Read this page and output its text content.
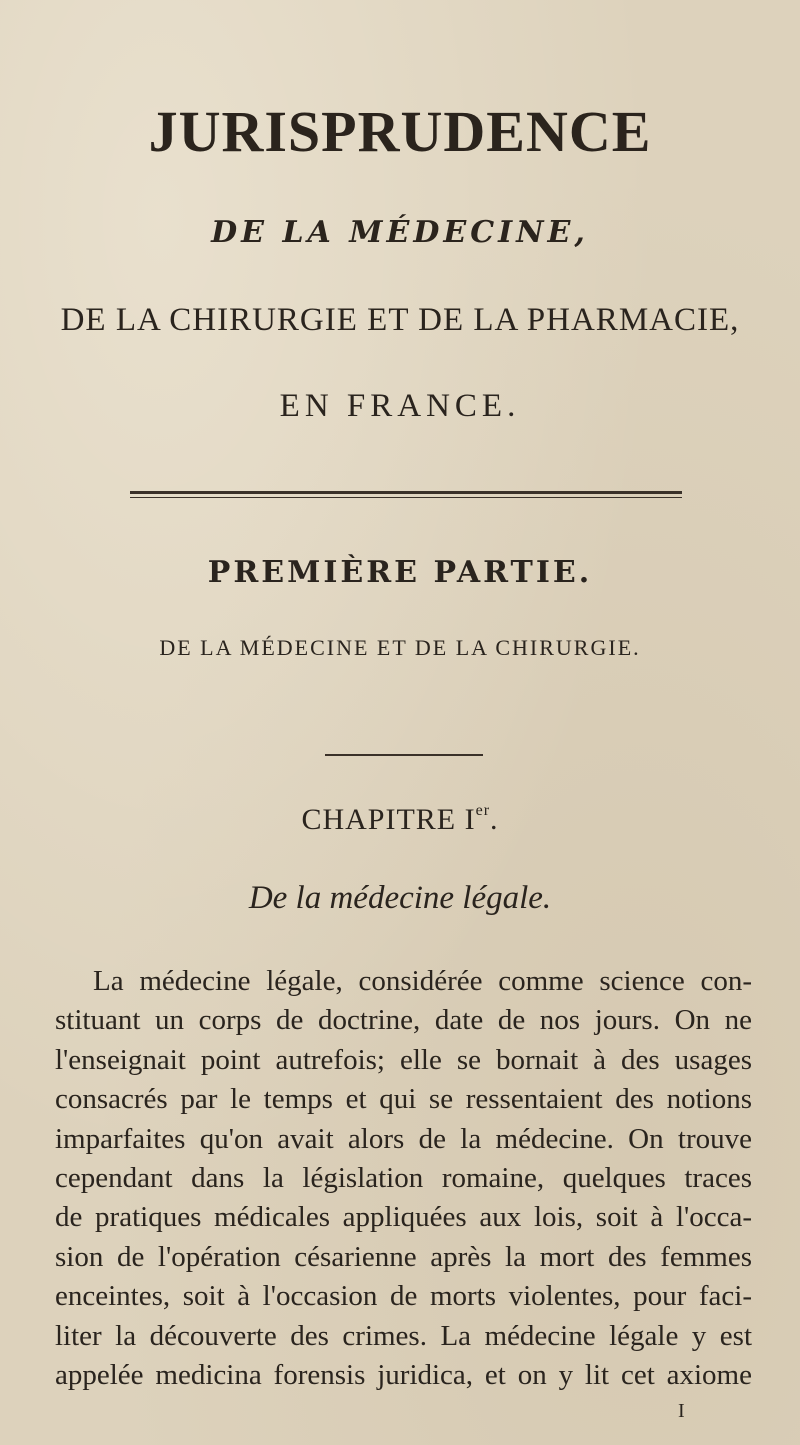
JURISPRUDENCE
DE LA MÉDECINE,
DE LA CHIRURGIE ET DE LA PHARMACIE,
EN FRANCE.
PREMIÈRE PARTIE.
DE LA MÉDECINE ET DE LA CHIRURGIE.
CHAPITRE Ier.
De la médecine légale.
La médecine légale, considérée comme science con-
stituant un corps de doctrine, date de nos jours. On ne
l'enseignait point autrefois; elle se bornait à des usages
consacrés par le temps et qui se ressentaient des notions
imparfaites qu'on avait alors de la médecine. On trouve
cependant dans la législation romaine, quelques traces
de pratiques médicales appliquées aux lois, soit à l'occa-
sion de l'opération césarienne après la mort des femmes
enceintes, soit à l'occasion de morts violentes, pour faci-
liter la découverte des crimes. La médecine légale y est
appelée medicina forensis juridica, et on y lit cet axiome
I
